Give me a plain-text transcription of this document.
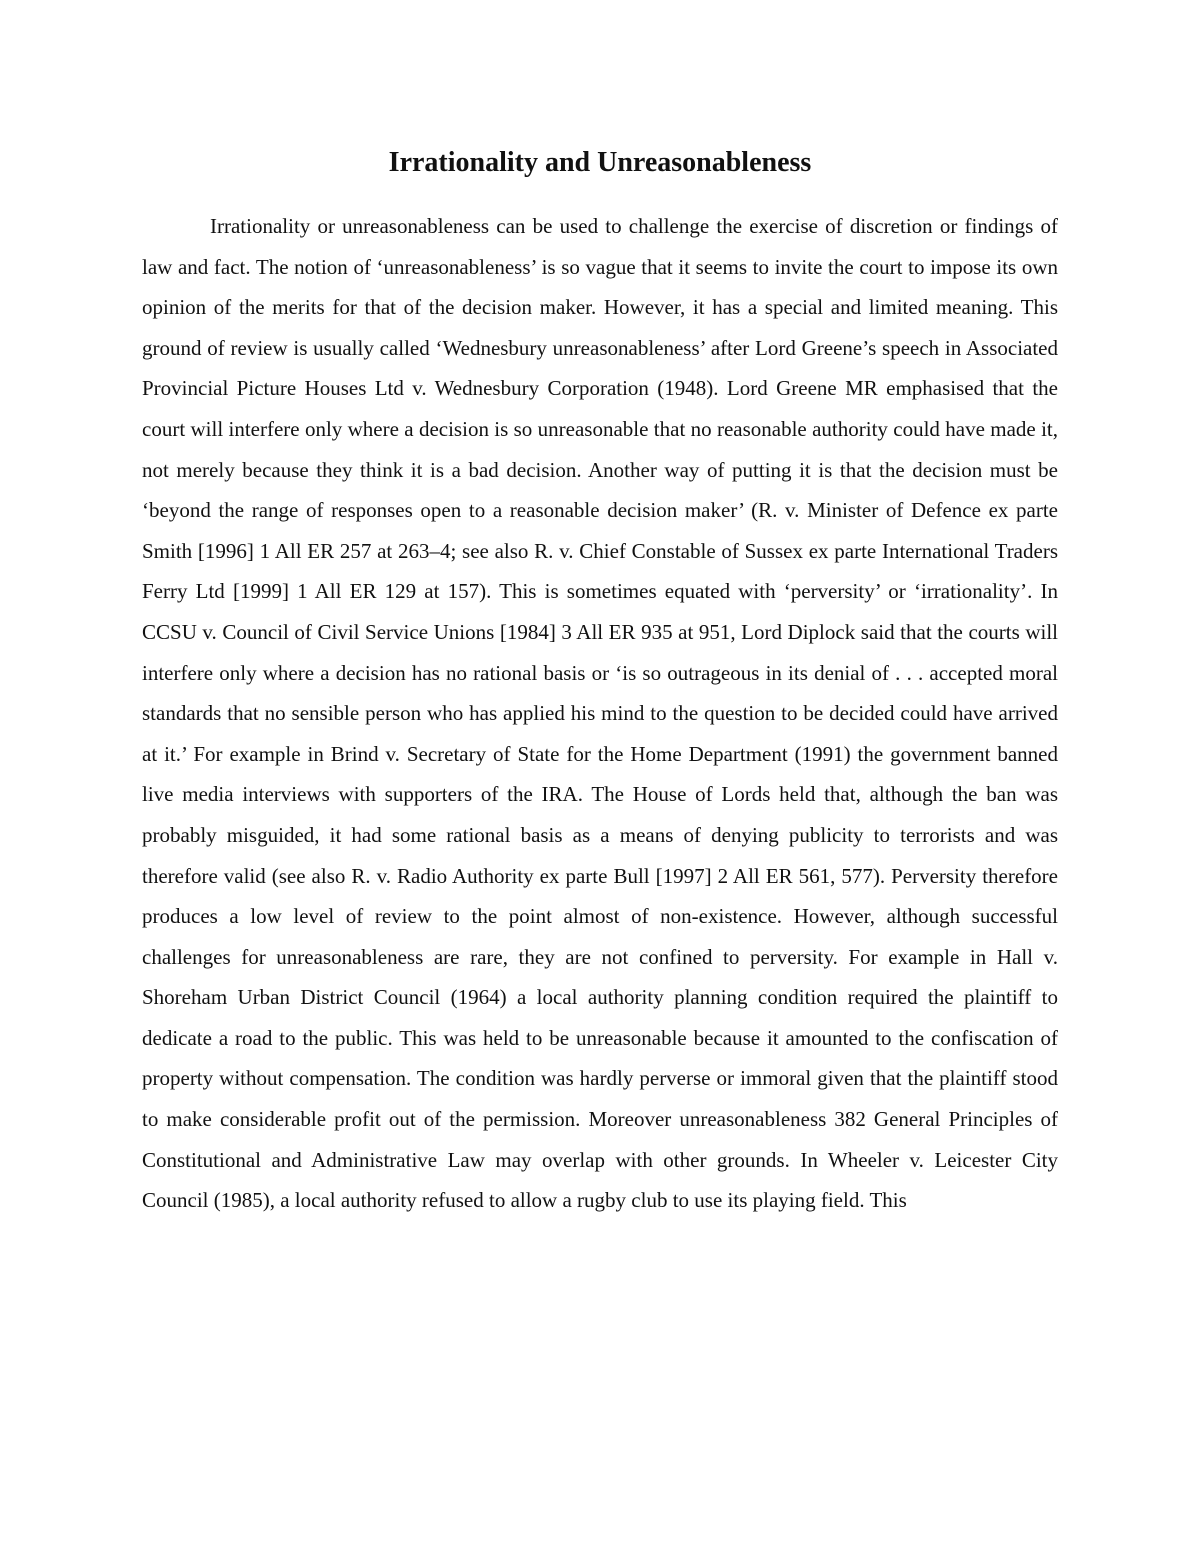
Irrationality and Unreasonableness

Irrationality or unreasonableness can be used to challenge the exercise of discretion or findings of law and fact. The notion of ‘unreasonableness’ is so vague that it seems to invite the court to impose its own opinion of the merits for that of the decision maker. However, it has a special and limited meaning. This ground of review is usually called ‘Wednesbury unreasonableness’ after Lord Greene’s speech in Associated Provincial Picture Houses Ltd v. Wednesbury Corporation (1948). Lord Greene MR emphasised that the court will interfere only where a decision is so unreasonable that no reasonable authority could have made it, not merely because they think it is a bad decision. Another way of putting it is that the decision must be ‘beyond the range of responses open to a reasonable decision maker’ (R. v. Minister of Defence ex parte Smith [1996] 1 All ER 257 at 263–4; see also R. v. Chief Constable of Sussex ex parte International Traders Ferry Ltd [1999] 1 All ER 129 at 157). This is sometimes equated with ‘perversity’ or ‘irrationality’. In CCSU v. Council of Civil Service Unions [1984] 3 All ER 935 at 951, Lord Diplock said that the courts will interfere only where a decision has no rational basis or ‘is so outrageous in its denial of . . . accepted moral standards that no sensible person who has applied his mind to the question to be decided could have arrived at it.’ For example in Brind v. Secretary of State for the Home Department (1991) the government banned live media interviews with supporters of the IRA. The House of Lords held that, although the ban was probably misguided, it had some rational basis as a means of denying publicity to terrorists and was therefore valid (see also R. v. Radio Authority ex parte Bull [1997] 2 All ER 561, 577). Perversity therefore produces a low level of review to the point almost of non-existence. However, although successful challenges for unreasonableness are rare, they are not confined to perversity. For example in Hall v. Shoreham Urban District Council (1964) a local authority planning condition required the plaintiff to dedicate a road to the public. This was held to be unreasonable because it amounted to the confiscation of property without compensation. The condition was hardly perverse or immoral given that the plaintiff stood to make considerable profit out of the permission. Moreover unreasonableness 382 General Principles of Constitutional and Administrative Law may overlap with other grounds. In Wheeler v. Leicester City Council (1985), a local authority refused to allow a rugby club to use its playing field. This
